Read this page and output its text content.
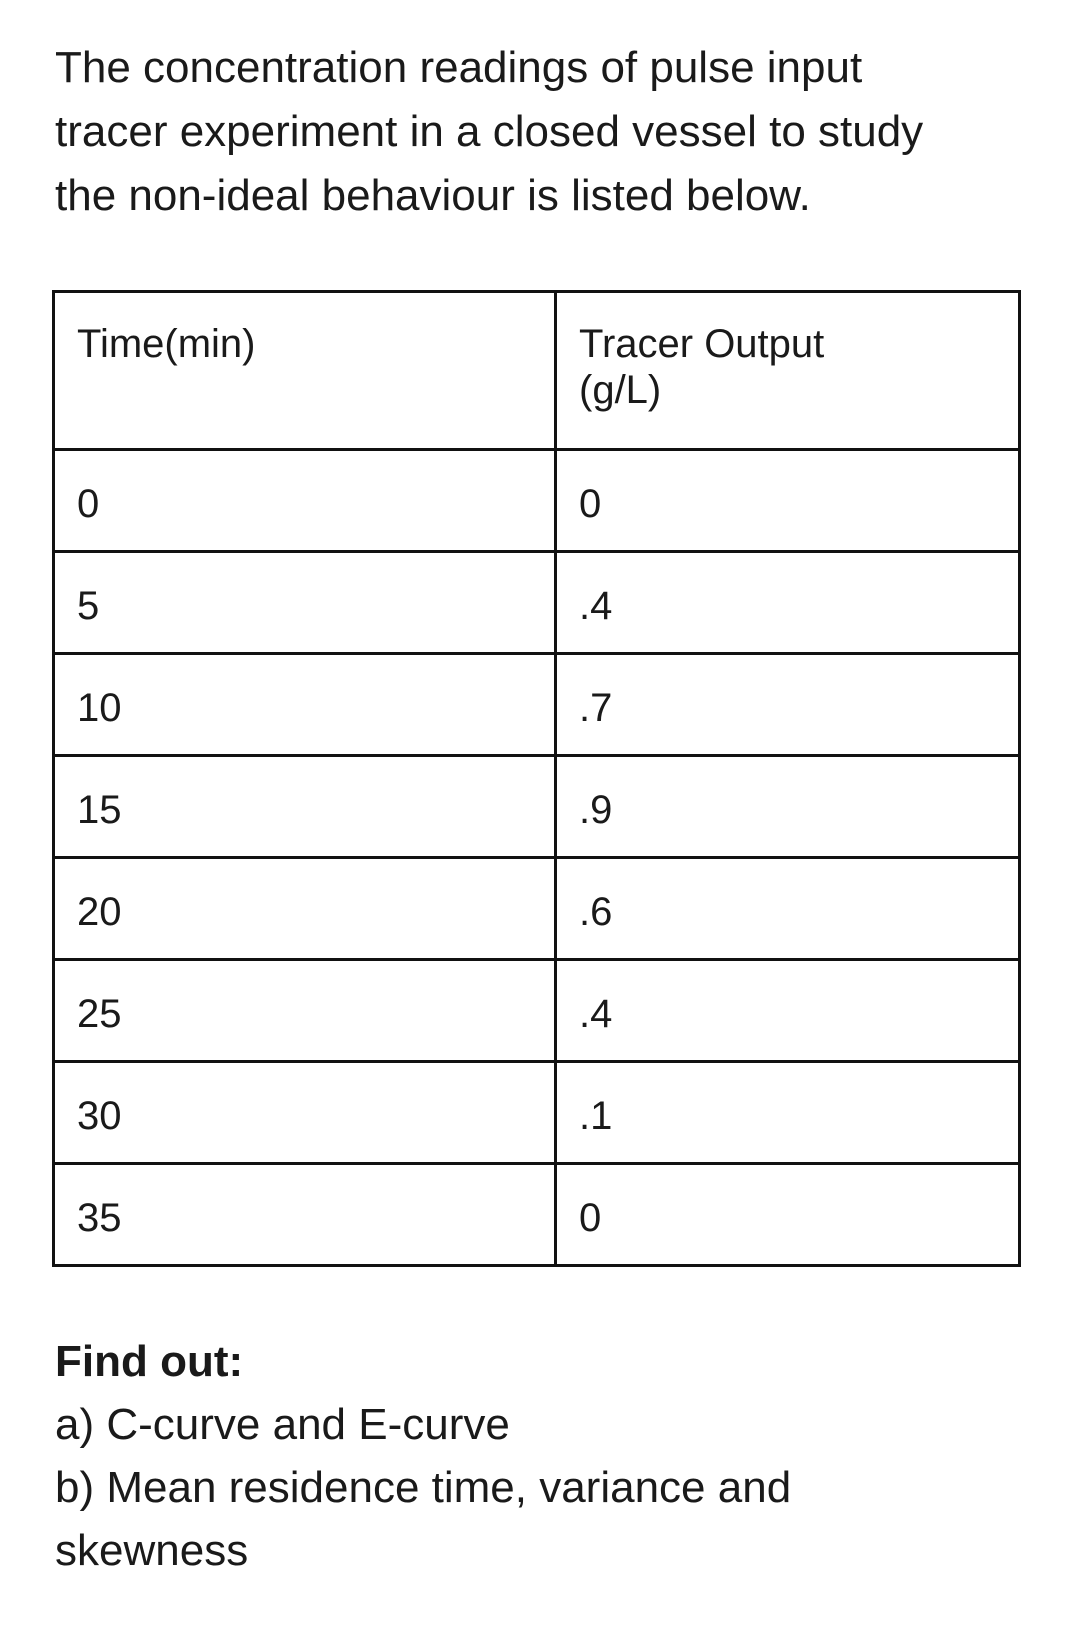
The concentration readings of pulse input
tracer experiment in a closed vessel to study
the non-ideal behaviour is listed below.
Time(min)	Tracer Output
(g/L)

0	0
5	.4
10	.7
15	.9
20	.6
25	.4
30	.1
35	0
Find out:
a) C-curve and E-curve
b) Mean residence time, variance and
skewness
